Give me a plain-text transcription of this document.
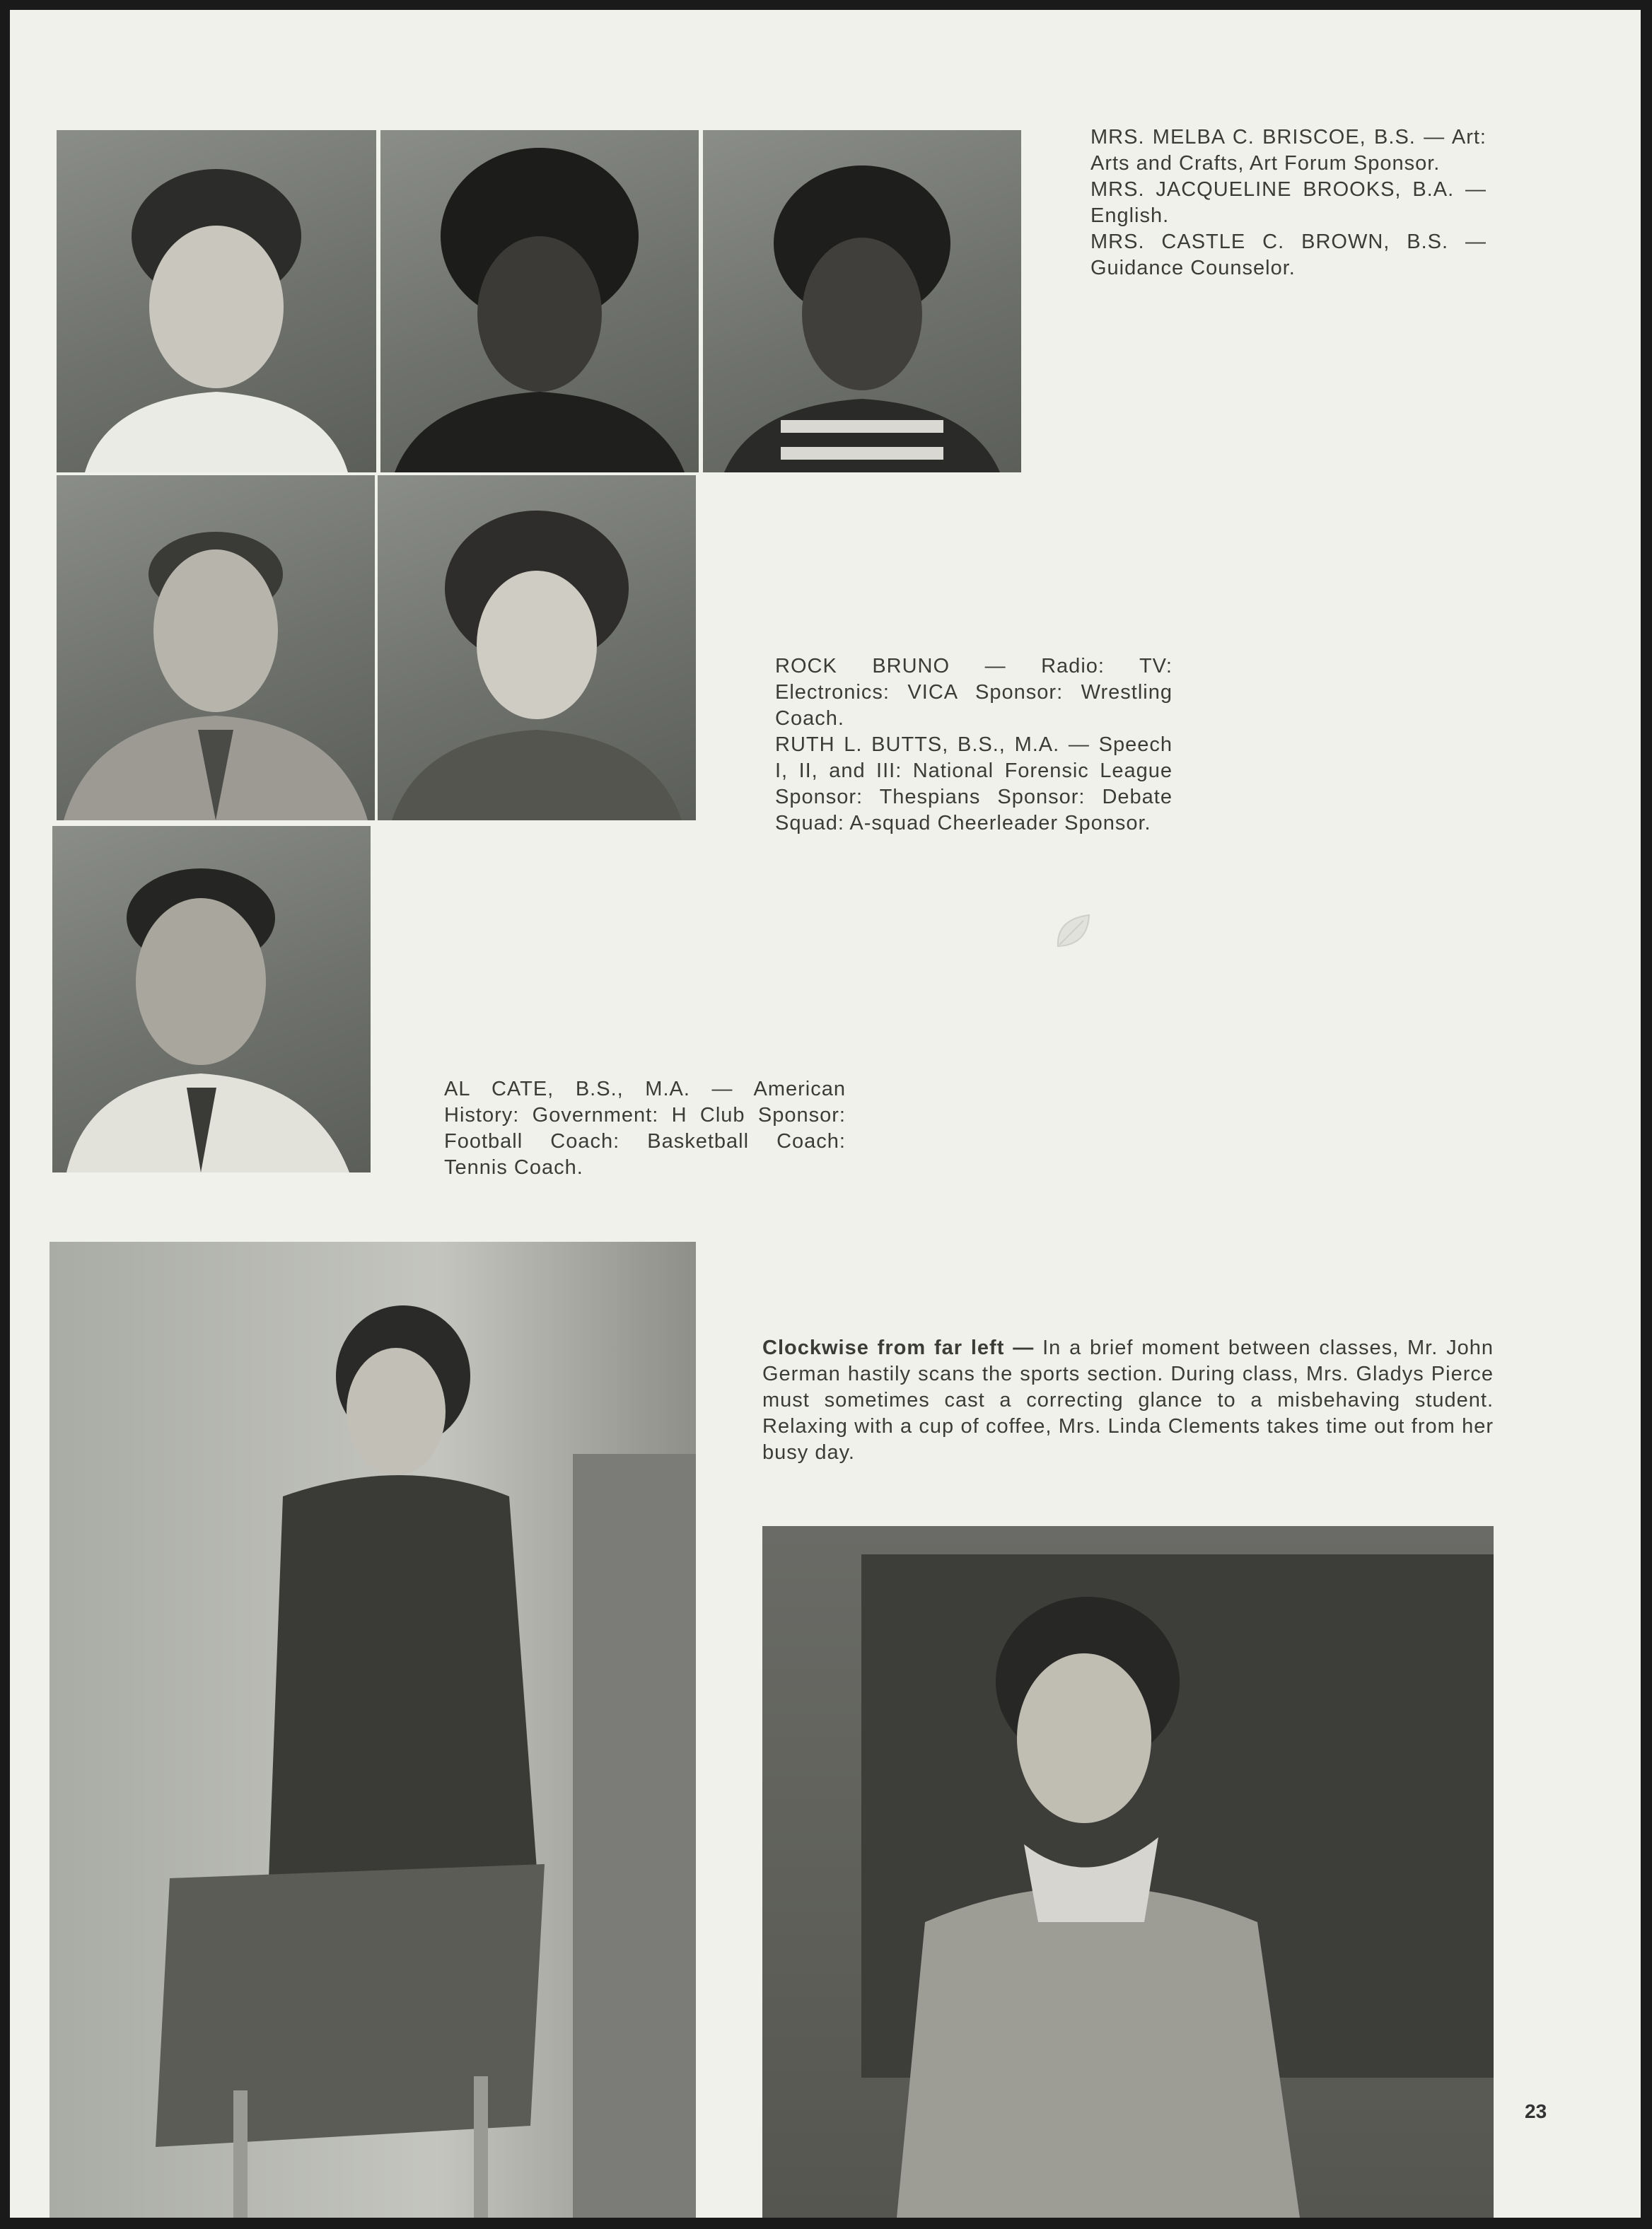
MRS. MELBA C. BRISCOE, B.S. — Art: Arts and Crafts, Art Forum Sponsor.

MRS. JACQUELINE BROOKS, B.A. — English.

MRS. CASTLE C. BROWN, B.S. — Guidance Counselor.

ROCK BRUNO — Radio: TV: Electronics: VICA Sponsor: Wrestling Coach.

RUTH L. BUTTS, B.S., M.A. — Speech I, II, and III: National Forensic League Sponsor: Thespians Sponsor: Debate Squad: A-squad Cheerleader Sponsor.

AL CATE, B.S., M.A. — American History: Government: H Club Sponsor: Football Coach: Basketball Coach: Tennis Coach.

Clockwise from far left — In a brief moment between classes, Mr. John German hastily scans the sports section. During class, Mrs. Gladys Pierce must sometimes cast a correcting glance to a misbehaving student. Relaxing with a cup of coffee, Mrs. Linda Clements takes time out from her busy day.

23
